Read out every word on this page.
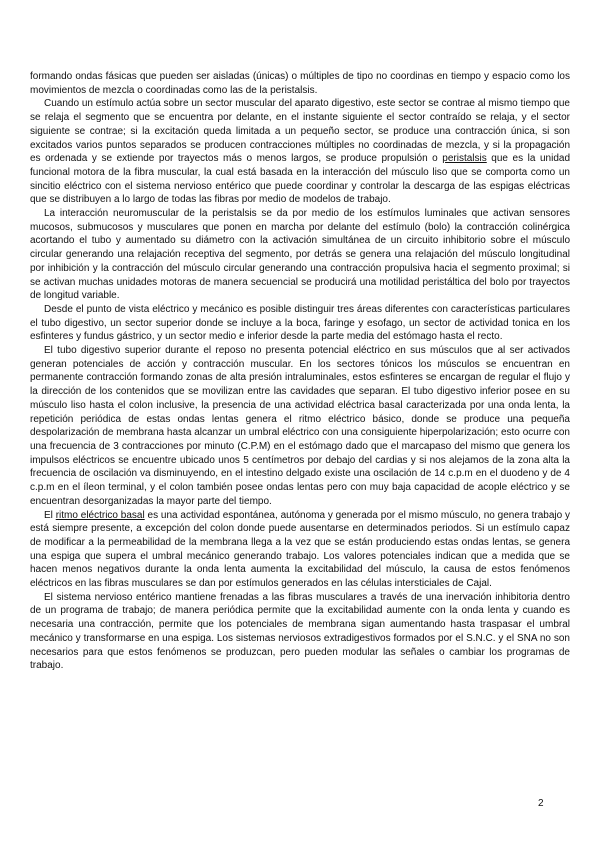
formando ondas fásicas que pueden ser aisladas (únicas) o múltiples de tipo no coordinas en tiempo y espacio como los movimientos de mezcla o coordinadas como las de la peristalsis.

Cuando un estímulo actúa sobre un sector muscular del aparato digestivo, este sector se contrae al mismo tiempo que se relaja el segmento que se encuentra por delante, en el instante siguiente el sector contraído se relaja, y el sector siguiente se contrae; si la excitación queda limitada a un pequeño sector, se produce una contracción única, si son excitados varios puntos separados se producen contracciones múltiples no coordinadas de mezcla, y si la propagación es ordenada y se extiende por trayectos más o menos largos, se produce propulsión o peristalsis que es la unidad funcional motora de la fibra muscular, la cual está basada en la interacción del músculo liso que se comporta como un sincitio eléctrico con el sistema nervioso entérico que puede coordinar y controlar la descarga de las espigas eléctricas que se distribuyen a lo largo de todas las fibras por medio de modelos de trabajo.

La interacción neuromuscular de la peristalsis se da por medio de los estímulos luminales que activan sensores mucosos, submucosos y musculares que ponen en marcha por delante del estímulo (bolo) la contracción colinérgica acortando el tubo y aumentado su diámetro con la activación simultánea de un circuito inhibitorio sobre el músculo circular generando una relajación receptiva del segmento, por detrás se genera una relajación del músculo longitudinal por inhibición y la contracción del músculo circular generando una contracción propulsiva hacia el segmento proximal; si se activan muchas unidades motoras de manera secuencial se producirá una motilidad peristáltica del bolo por trayectos de longitud variable.

Desde el punto de vista eléctrico y mecánico es posible distinguir tres áreas diferentes con características particulares el tubo digestivo, un sector superior donde se incluye a la boca, faringe y esofago, un sector de actividad tonica en los esfinteres y fundus gástrico, y un sector medio e inferior desde la parte media del estómago hasta el recto.

El tubo digestivo superior durante el reposo no presenta potencial eléctrico en sus músculos que al ser activados generan potenciales de acción y contracción muscular. En los sectores tónicos los músculos se encuentran en permanente contracción formando zonas de alta presión intraluminales, estos esfinteres se encargan de regular el flujo y la dirección de los contenidos que se movilizan entre las cavidades que separan. El tubo digestivo inferior posee en su músculo liso hasta el colon inclusive, la presencia de una actividad eléctrica basal caracterizada por una onda lenta, la repetición periódica de estas ondas lentas genera el ritmo eléctrico básico, donde se produce una pequeña despolarización de membrana hasta alcanzar un umbral eléctrico con una consiguiente hiperpolarización; esto ocurre con una frecuencia de 3 contracciones por minuto (C.P.M) en el estómago dado que el marcapaso del mismo que genera los impulsos eléctricos se encuentre ubicado unos 5 centímetros por debajo del cardias y si nos alejamos de la zona alta la frecuencia de oscilación va disminuyendo, en el intestino delgado existe una oscilación de 14 c.p.m en el duodeno y de 4 c.p.m en el íleon terminal, y el colon también posee ondas lentas pero con muy baja capacidad de acople eléctrico y se encuentran desorganizadas la mayor parte del tiempo.

El ritmo eléctrico basal es una actividad espontánea, autónoma y generada por el mismo músculo, no genera trabajo y está siempre presente, a excepción del colon donde puede ausentarse en determinados periodos. Si un estímulo capaz de modificar a la permeabilidad de la membrana llega a la vez que se están produciendo estas ondas lentas, se genera una espiga que supera el umbral mecánico generando trabajo. Los valores potenciales indican que a medida que se hacen menos negativos durante la onda lenta aumenta la excitabilidad del músculo, la causa de estos fenómenos eléctricos en las fibras musculares se dan por estímulos generados en las células intersticiales de Cajal.

El sistema nervioso entérico mantiene frenadas a las fibras musculares a través de una inervación inhibitoria dentro de un programa de trabajo; de manera periódica permite que la excitabilidad aumente con la onda lenta y cuando es necesaria una contracción, permite que los potenciales de membrana sigan aumentando hasta traspasar el umbral mecánico y transformarse en una espiga. Los sistemas nerviosos extradigestivos formados por el S.N.C. y el SNA no son necesarios para que estos fenómenos se produzcan, pero pueden modular las señales o cambiar los programas de trabajo.

2
